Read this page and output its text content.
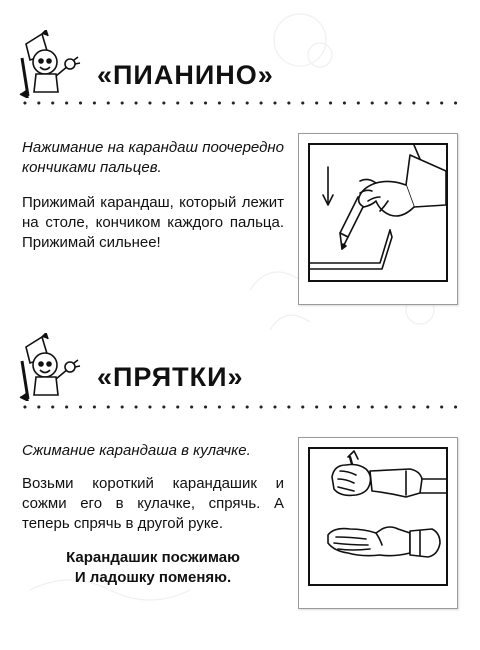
«ПИАНИНО»
Нажимание на карандаш поочередно кончиками пальцев.
Прижимай карандаш, который лежит на столе, кончиком каждого пальца. Прижимай сильнее!
«ПРЯТКИ»
Сжимание карандаша в кулачке.
Возьми короткий карандашик и сожми его в кулачке, спрячь. А теперь спрячь в другой руке.
Карандашик посжимаю
И ладошку поменяю.
